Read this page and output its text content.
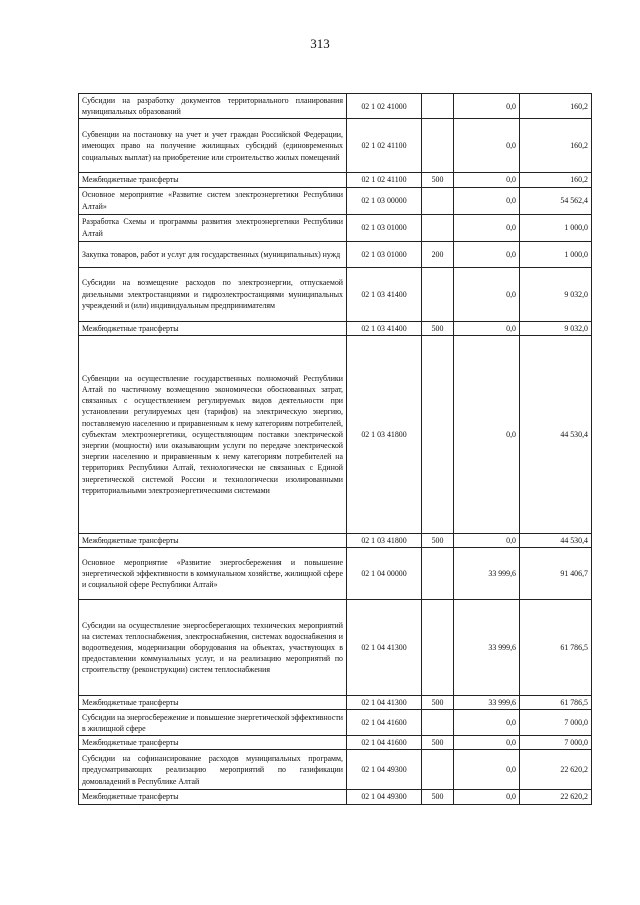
313
Субсидии на разработку документов территориального планирования муниципальных образований	02 1 02 41000		0,0	160,2
Субвенции на постановку на учет и учет граждан Российской Федерации, имеющих право на получение жилищных субсидий (единовременных социальных выплат) на приобретение или строительство жилых помещений	02 1 02 41100		0,0	160,2
Межбюджетные трансферты	02 1 02 41100	500	0,0	160,2
Основное мероприятие «Развитие систем электроэнергетики Республики Алтай»	02 1 03 00000		0,0	54 562,4
Разработка Схемы и программы развития электроэнергетики Республики Алтай	02 1 03 01000		0,0	1 000,0
Закупка товаров, работ и услуг для государственных (муниципальных) нужд	02 1 03 01000	200	0,0	1 000,0
Субсидии на возмещение расходов по электроэнергии, отпускаемой дизельными электростанциями и гидроэлектростанциями муниципальных учреждений и (или) индивидуальным предпринимателям	02 1 03 41400		0,0	9 032,0
Межбюджетные трансферты	02 1 03 41400	500	0,0	9 032,0
Субвенции на осуществление государственных полномочий Республики Алтай по частичному возмещению экономически обоснованных затрат, связанных с осуществлением регулируемых видов деятельности при установлении регулируемых цен (тарифов) на электрическую энергию, поставляемую населению и приравненным к нему категориям потребителей, субъектам электроэнергетики, осуществляющим поставки электрической энергии (мощности) или оказывающим услуги по передаче электрической энергии населению и приравненным к нему категориям потребителей на территориях Республики Алтай, технологически не связанных с Единой энергетической системой России и технологически изолированными территориальными электроэнергетическими системами	02 1 03 41800		0,0	44 530,4
Межбюджетные трансферты	02 1 03 41800	500	0,0	44 530,4
Основное мероприятие «Развитие энергосбережения и повышение энергетической эффективности в коммунальном хозяйстве, жилищной сфере и социальной сфере Республики Алтай»	02 1 04 00000		33 999,6	91 406,7
Субсидии на осуществление энергосберегающих технических мероприятий на системах теплоснабжения, электроснабжения, системах водоснабжения и водоотведения, модернизации оборудования на объектах, участвующих в предоставлении коммунальных услуг, и на реализацию мероприятий по строительству (реконструкции) систем теплоснабжения	02 1 04 41300		33 999,6	61 786,5
Межбюджетные трансферты	02 1 04 41300	500	33 999,6	61 786,5
Субсидии на энергосбережение и повышение энергетической эффективности в жилищной сфере	02 1 04 41600		0,0	7 000,0
Межбюджетные трансферты	02 1 04 41600	500	0,0	7 000,0
Субсидии на софинансирование расходов муниципальных программ, предусматривающих реализацию мероприятий по газификации домовладений в Республике Алтай	02 1 04 49300		0,0	22 620,2
Межбюджетные трансферты	02 1 04 49300	500	0,0	22 620,2
